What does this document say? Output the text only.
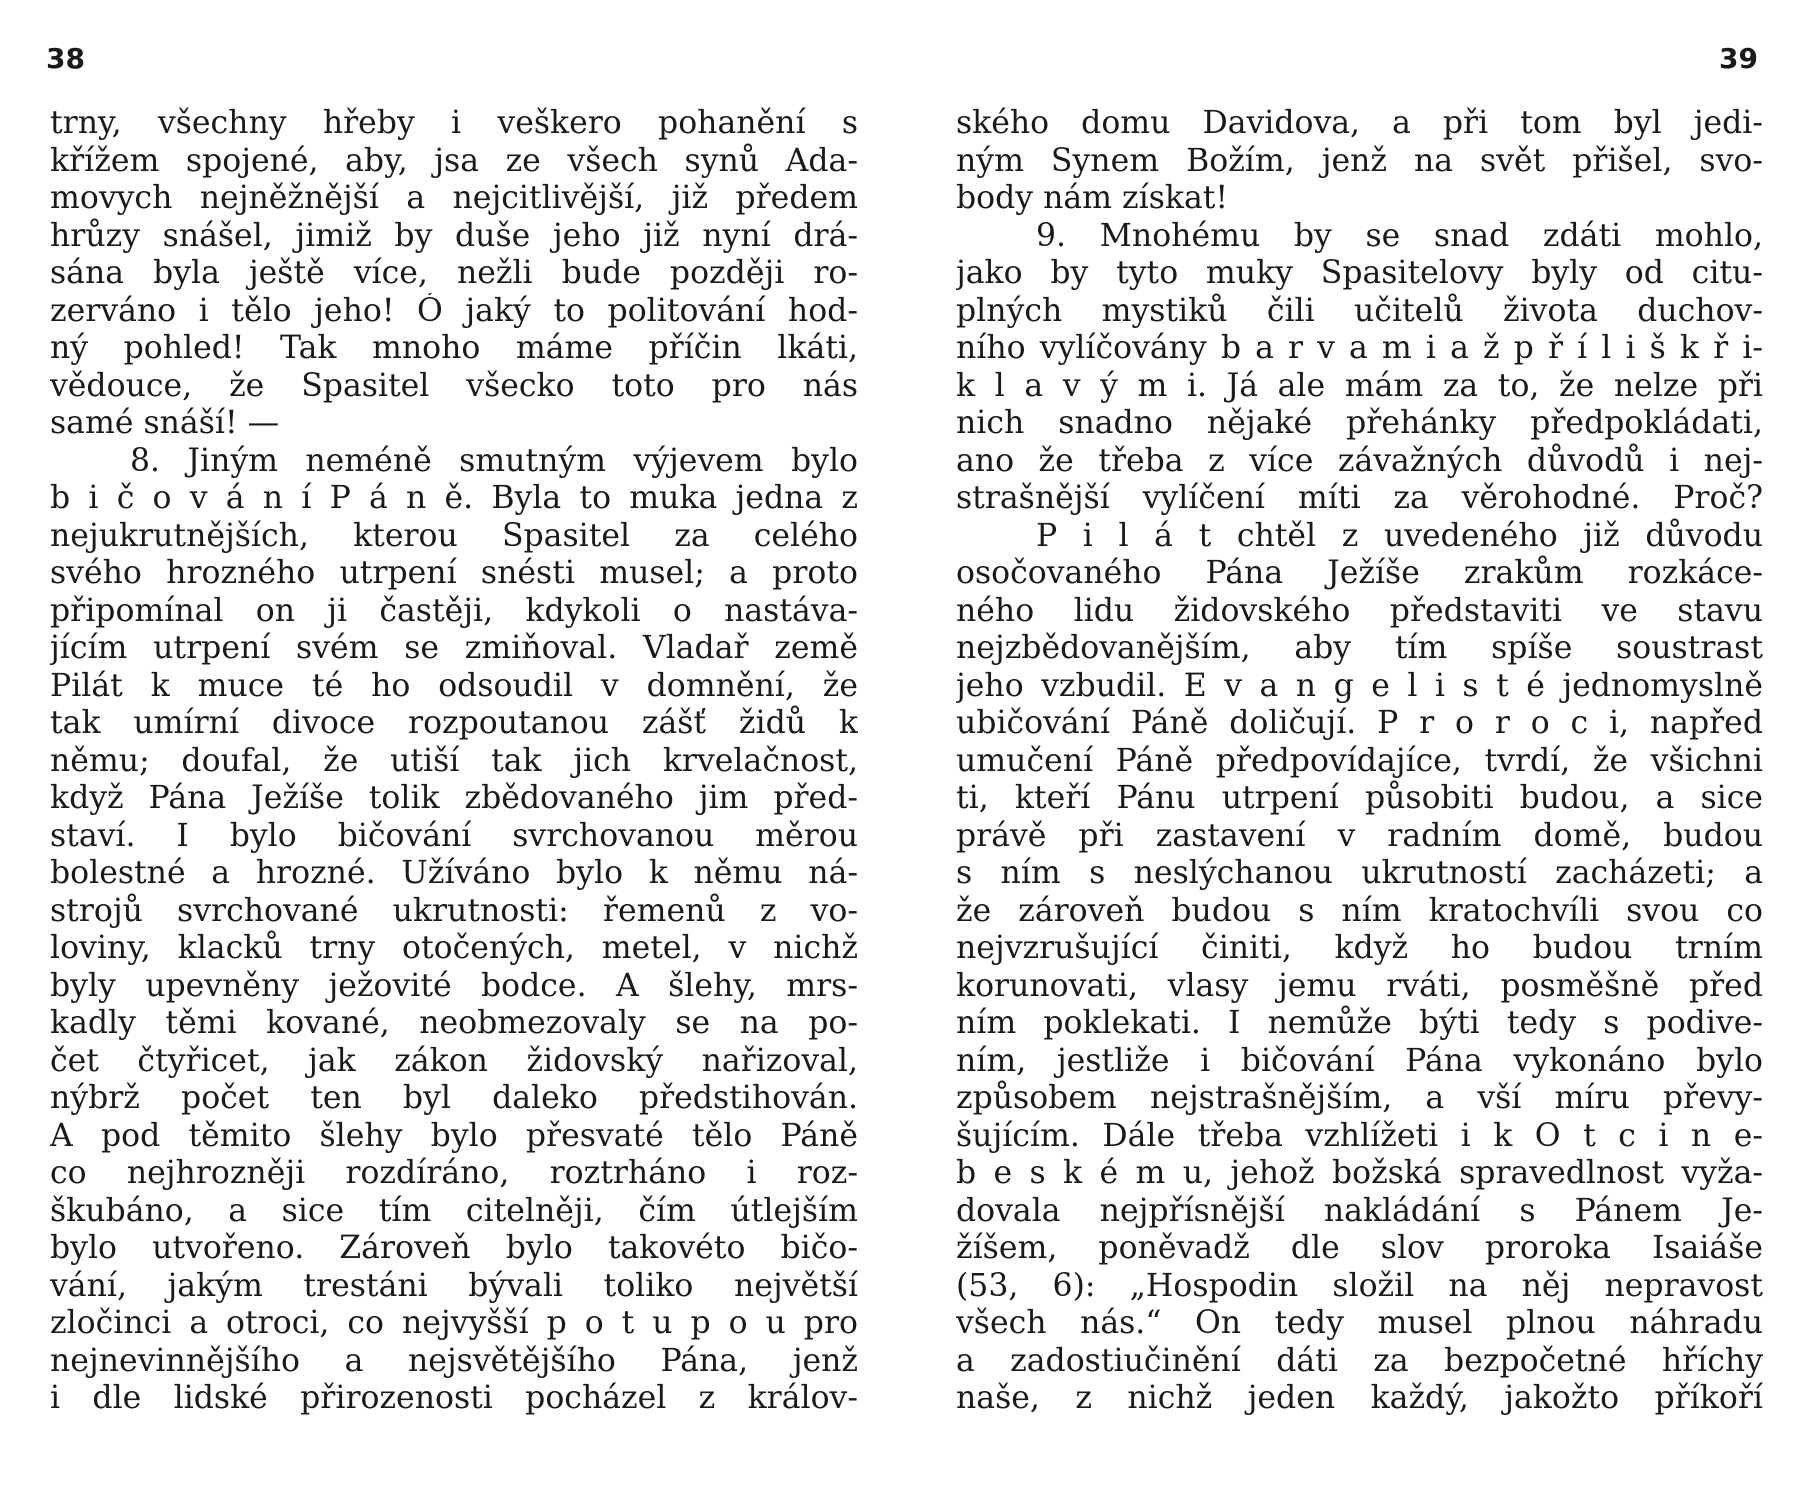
38
trny, všechny hřeby i veškero pohanění s
křížem spojené, aby, jsa ze všech synů Ada-
movych nejněžnější a nejcitlivější, již předem
hrůzy snášel, jimiž by duše jeho již nyní drá-
sána byla ještě více, nežli bude později ro-
zerváno i tělo jeho! Ó jaký to politování hod-
ný pohled! Tak mnoho máme příčin lkáti,
vědouce, že Spasitel všecko toto pro nás
samé snáší! —
8. Jiným neméně smutným výjevem bylo
b i č o v á n í P á n ě. Byla to muka jedna z
nejukrutnějších, kterou Spasitel za celého
svého hrozného utrpení snésti musel; a proto
připomínal on ji častěji, kdykoli o nastáva-
jícím utrpení svém se zmiňoval. Vladař země
Pilát k muce té ho odsoudil v domnění, že
tak umírní divoce rozpoutanou zášť židů k
němu; doufal, že utiší tak jich krvelačnost,
když Pána Ježíše tolik zbědovaného jim před-
staví. I bylo bičování svrchovanou měrou
bolestné a hrozné. Užíváno bylo k němu ná-
strojů svrchované ukrutnosti: řemenů z vo-
loviny, klacků trny otočených, metel, v nichž
byly upevněny ježovité bodce. A šlehy, mrs-
kadly těmi kované, neobmezovaly se na po-
čet čtyřicet, jak zákon židovský nařizoval,
nýbrž počet ten byl daleko předstihován.
A pod těmito šlehy bylo přesvaté tělo Páně
co nejhrozněji rozdíráno, roztrháno i roz-
škubáno, a sice tím citelněji, čím útlejším
bylo utvořeno. Zároveň bylo takovéto bičo-
vání, jakým trestáni bývali toliko největší
zločinci a otroci, co nejvyšší p o t u p o u pro
nejnevinnějšího a nejsvětějšího Pána, jenž
i dle lidské přirozenosti pocházel z králov-
39
ského domu Davidova, a při tom byl jedi-
ným Synem Božím, jenž na svět přišel, svo-
body nám získat!
9. Mnohému by se snad zdáti mohlo,
jako by tyto muky Spasitelovy byly od citu-
plných mystiků čili učitelů života duchov-
ního vylíčovány b a r v a m i a ž p ř í l i š k ř i-
k l a v ý m i. Já ale mám za to, že nelze při
nich snadno nějaké přehánky předpokládati,
ano že třeba z více závažných důvodů i nej-
strašnější vylíčení míti za věrohodné. Proč?
P i l á t chtěl z uvedeného již důvodu
osočovaného Pána Ježíše zrakům rozkácе-
ného lidu židovského představiti ve stavu
nejzbědovanějším, aby tím spíše soustrast
jeho vzbudil. E v a n g e l i s t é jednomyslně
ubičování Páně doličují. P r o r o c i, napřed
umučení Páně předpovídajíce, tvrdí, že všichni
ti, kteří Pánu utrpení působiti budou, a sice
právě při zastavení v radním domě, budou
s ním s neslýchanou ukrutností zacházeti; a
že zároveň budou s ním kratochvíli svou co
nejvzrušující činiti, když ho budou trním
korunovati, vlasy jemu rváti, posměšně před
ním poklekati. I nemůže býti tedy s podive-
ním, jestliže i bičování Pána vykonáno bylo
způsobem nejstrašnějším, a vší míru převy-
šujícím. Dále třeba vzhlížeti i k O t c i n e-
b e s k é m u, jehož božská spravedlnost vyža-
dovala nejpřísnější nakládání s Pánem Je-
žíšem, poněvadž dle slov proroka Isaiáše
(53, 6): „Hospodin složil na něj nepravost
všech nás.“ On tedy musel plnou náhradu
a zadostiučinění dáti za bezpočetné hříchy
naše, z nichž jeden každý, jakožto příkoří
